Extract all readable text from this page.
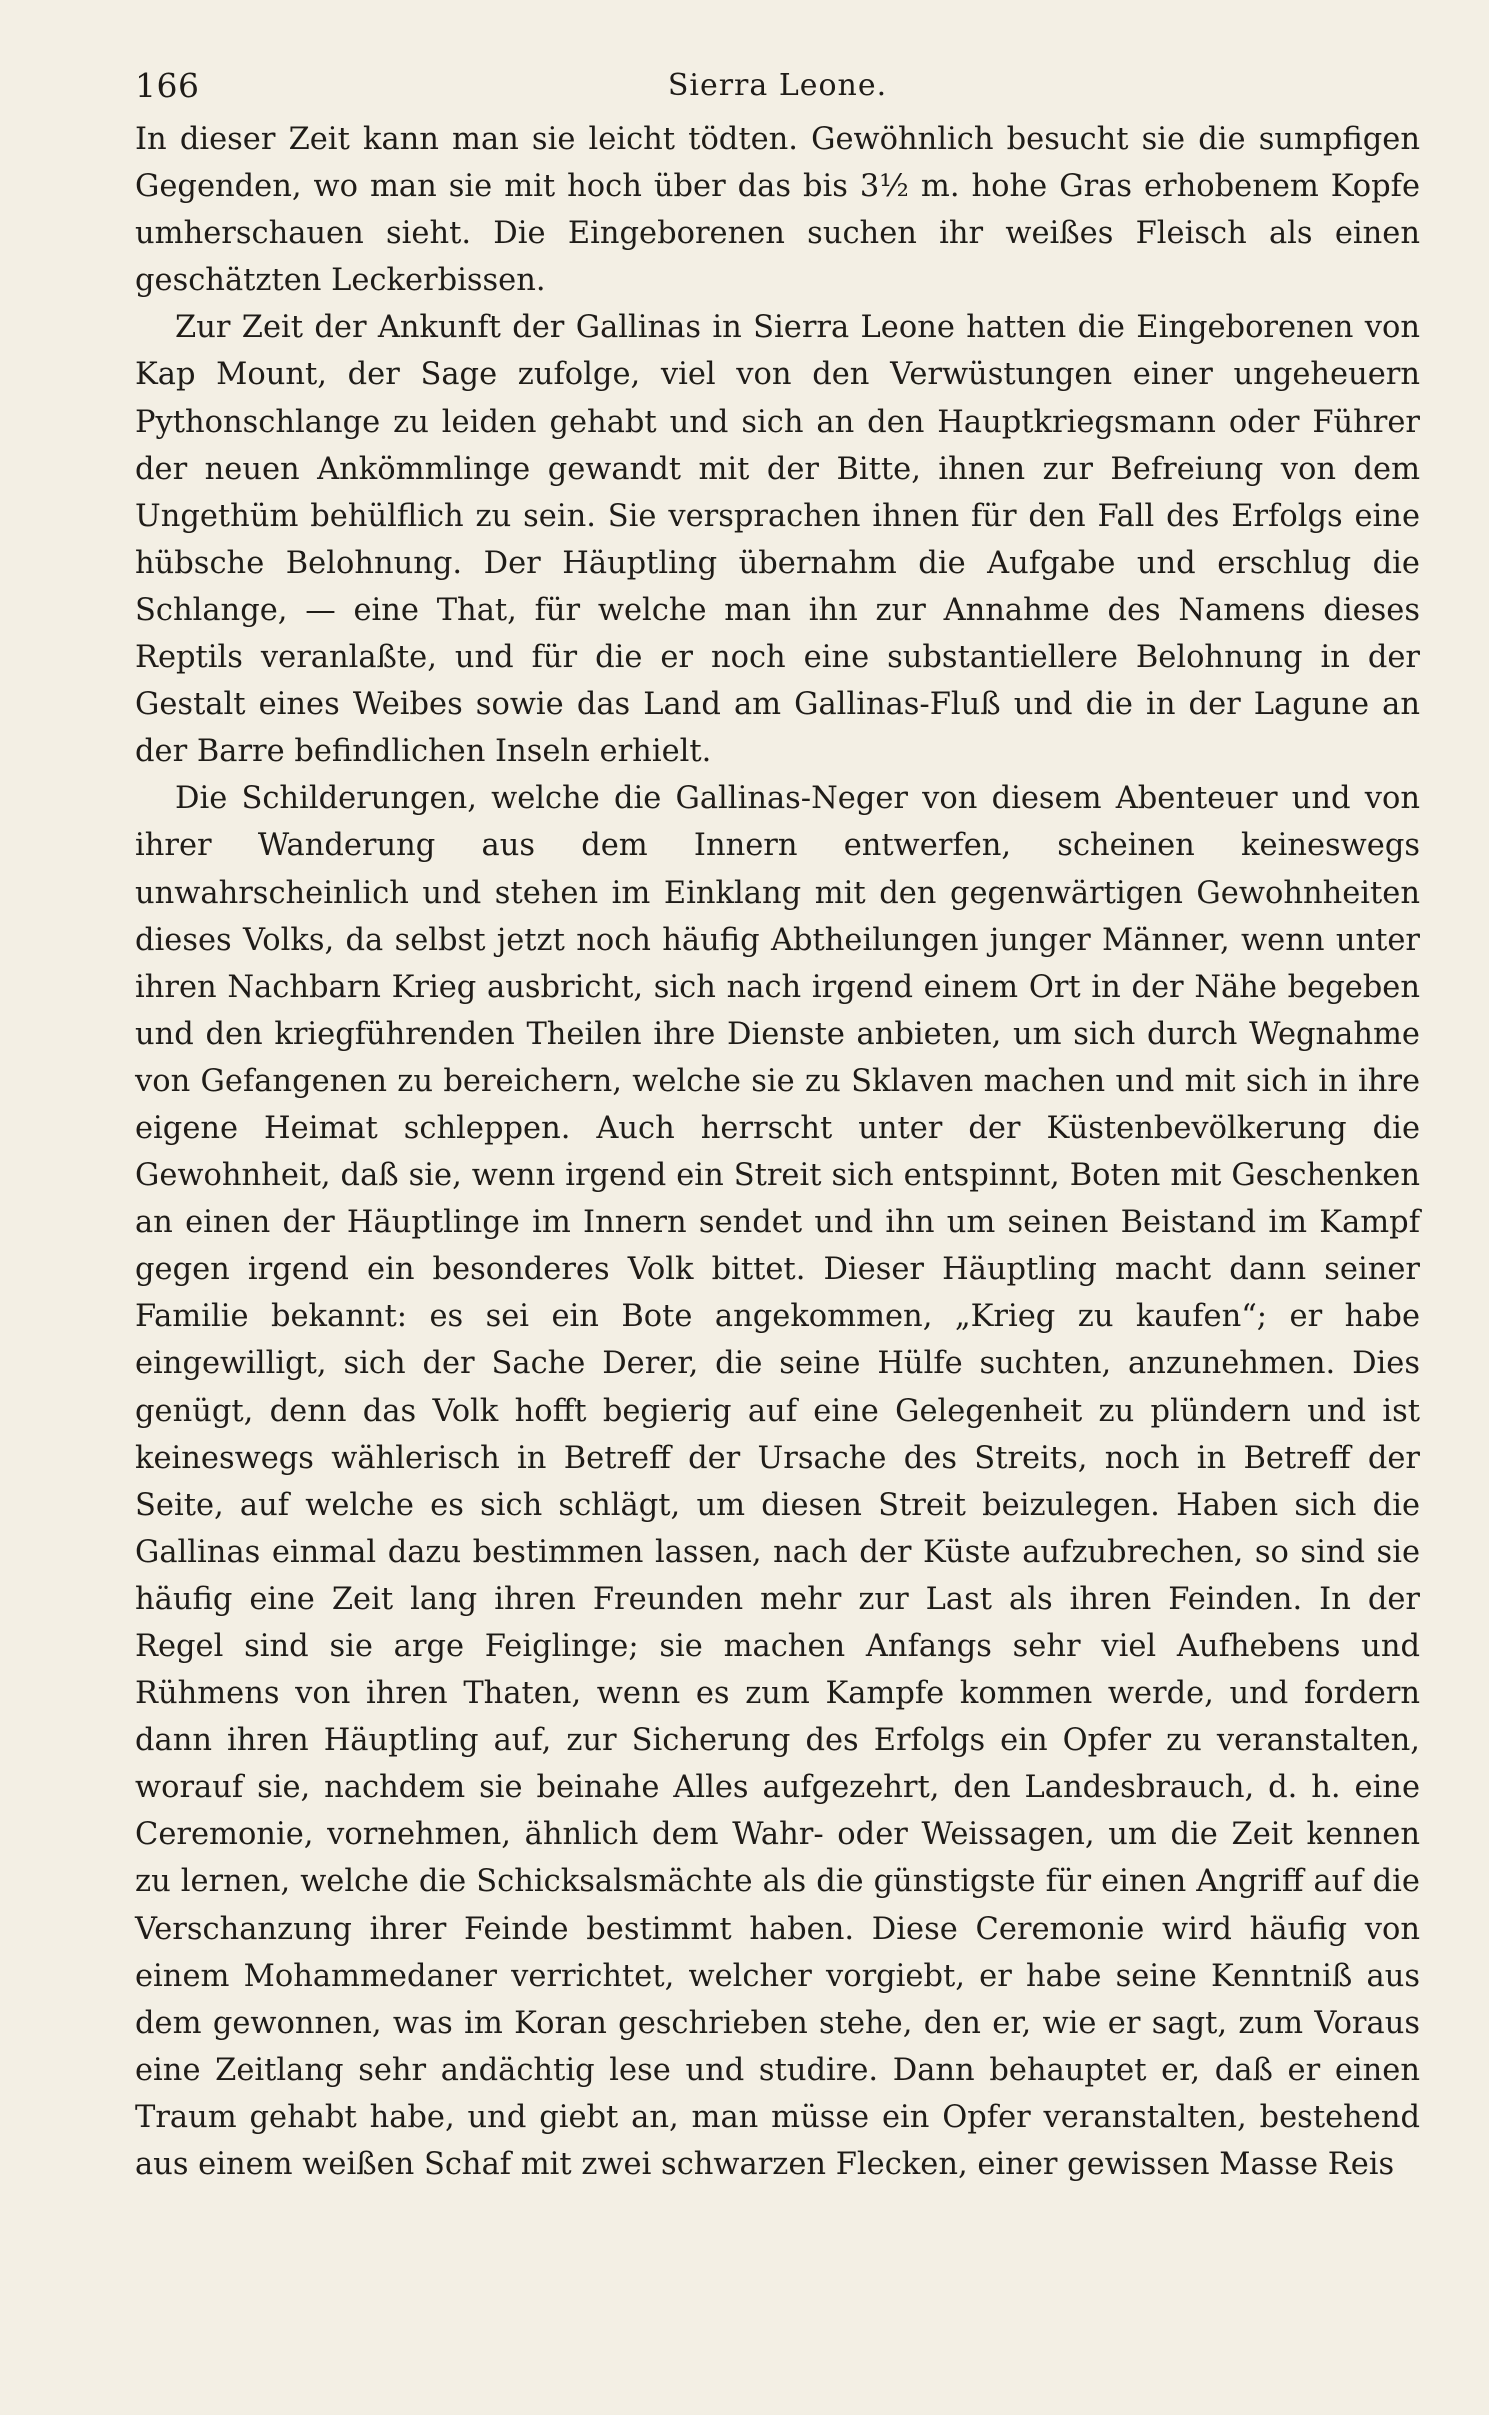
166	Sierra Leone.

In dieser Zeit kann man sie leicht tödten. Gewöhnlich besucht sie die sumpfigen Gegenden, wo man sie mit hoch über das bis 3½ m. hohe Gras erhobenem Kopfe umherschauen sieht. Die Eingeborenen suchen ihr weißes Fleisch als einen geschätzten Leckerbissen.

Zur Zeit der Ankunft der Gallinas in Sierra Leone hatten die Eingeborenen von Kap Mount, der Sage zufolge, viel von den Verwüstungen einer ungeheuern Pythonschlange zu leiden gehabt und sich an den Hauptkriegsmann oder Führer der neuen Ankömmlinge gewandt mit der Bitte, ihnen zur Befreiung von dem Ungethüm behülflich zu sein. Sie versprachen ihnen für den Fall des Erfolgs eine hübsche Belohnung. Der Häuptling übernahm die Aufgabe und erschlug die Schlange, — eine That, für welche man ihn zur Annahme des Namens dieses Reptils veranlaßte, und für die er noch eine substantiellere Belohnung in der Gestalt eines Weibes sowie das Land am Gallinas-Fluß und die in der Lagune an der Barre befindlichen Inseln erhielt.

Die Schilderungen, welche die Gallinas-Neger von diesem Abenteuer und von ihrer Wanderung aus dem Innern entwerfen, scheinen keineswegs unwahrscheinlich und stehen im Einklang mit den gegenwärtigen Gewohnheiten dieses Volks, da selbst jetzt noch häufig Abtheilungen junger Männer, wenn unter ihren Nachbarn Krieg ausbricht, sich nach irgend einem Ort in der Nähe begeben und den kriegführenden Theilen ihre Dienste anbieten, um sich durch Wegnahme von Gefangenen zu bereichern, welche sie zu Sklaven machen und mit sich in ihre eigene Heimat schleppen. Auch herrscht unter der Küstenbevölkerung die Gewohnheit, daß sie, wenn irgend ein Streit sich entspinnt, Boten mit Geschenken an einen der Häuptlinge im Innern sendet und ihn um seinen Beistand im Kampf gegen irgend ein besonderes Volk bittet. Dieser Häuptling macht dann seiner Familie bekannt: es sei ein Bote angekommen, „Krieg zu kaufen“; er habe eingewilligt, sich der Sache Derer, die seine Hülfe suchten, anzunehmen. Dies genügt, denn das Volk hofft begierig auf eine Gelegenheit zu plündern und ist keineswegs wählerisch in Betreff der Ursache des Streits, noch in Betreff der Seite, auf welche es sich schlägt, um diesen Streit beizulegen. Haben sich die Gallinas einmal dazu bestimmen lassen, nach der Küste aufzubrechen, so sind sie häufig eine Zeit lang ihren Freunden mehr zur Last als ihren Feinden. In der Regel sind sie arge Feiglinge; sie machen Anfangs sehr viel Aufhebens und Rühmens von ihren Thaten, wenn es zum Kampfe kommen werde, und fordern dann ihren Häuptling auf, zur Sicherung des Erfolgs ein Opfer zu veranstalten, worauf sie, nachdem sie beinahe Alles aufgezehrt, den Landesbrauch, d. h. eine Ceremonie, vornehmen, ähnlich dem Wahr- oder Weissagen, um die Zeit kennen zu lernen, welche die Schicksalsmächte als die günstigste für einen Angriff auf die Verschanzung ihrer Feinde bestimmt haben. Diese Ceremonie wird häufig von einem Mohammedaner verrichtet, welcher vorgiebt, er habe seine Kenntniß aus dem gewonnen, was im Koran geschrieben stehe, den er, wie er sagt, zum Voraus eine Zeitlang sehr andächtig lese und studire. Dann behauptet er, daß er einen Traum gehabt habe, und giebt an, man müsse ein Opfer veranstalten, bestehend aus einem weißen Schaf mit zwei schwarzen Flecken, einer gewissen Masse Reis
